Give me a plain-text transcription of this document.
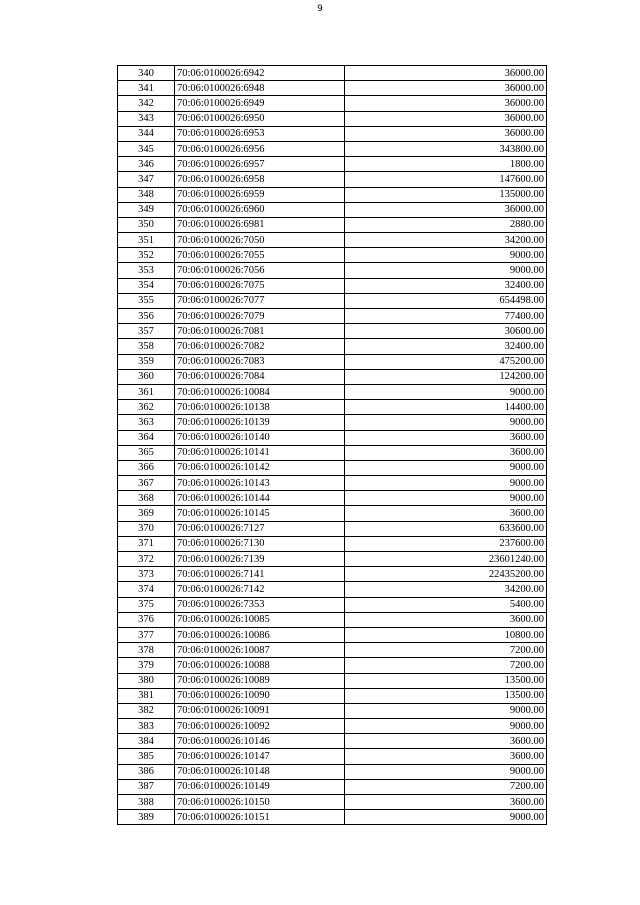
9
340	70:06:0100026:6942	36000.00
341	70:06:0100026:6948	36000.00
342	70:06:0100026:6949	36000.00
343	70:06:0100026:6950	36000.00
344	70:06:0100026:6953	36000.00
345	70:06:0100026:6956	343800.00
346	70:06:0100026:6957	1800.00
347	70:06:0100026:6958	147600.00
348	70:06:0100026:6959	135000.00
349	70:06:0100026:6960	36000.00
350	70:06:0100026:6981	2880.00
351	70:06:0100026:7050	34200.00
352	70:06:0100026:7055	9000.00
353	70:06:0100026:7056	9000.00
354	70:06:0100026:7075	32400.00
355	70:06:0100026:7077	654498.00
356	70:06:0100026:7079	77400.00
357	70:06:0100026:7081	30600.00
358	70:06:0100026:7082	32400.00
359	70:06:0100026:7083	475200.00
360	70:06:0100026:7084	124200.00
361	70:06:0100026:10084	9000.00
362	70:06:0100026:10138	14400.00
363	70:06:0100026:10139	9000.00
364	70:06:0100026:10140	3600.00
365	70:06:0100026:10141	3600.00
366	70:06:0100026:10142	9000.00
367	70:06:0100026:10143	9000.00
368	70:06:0100026:10144	9000.00
369	70:06:0100026:10145	3600.00
370	70:06:0100026:7127	633600.00
371	70:06:0100026:7130	237600.00
372	70:06:0100026:7139	23601240.00
373	70:06:0100026:7141	22435200.00
374	70:06:0100026:7142	34200.00
375	70:06:0100026:7353	5400.00
376	70:06:0100026:10085	3600.00
377	70:06:0100026:10086	10800.00
378	70:06:0100026:10087	7200.00
379	70:06:0100026:10088	7200.00
380	70:06:0100026:10089	13500.00
381	70:06:0100026:10090	13500.00
382	70:06:0100026:10091	9000.00
383	70:06:0100026:10092	9000.00
384	70:06:0100026:10146	3600.00
385	70:06:0100026:10147	3600.00
386	70:06:0100026:10148	9000.00
387	70:06:0100026:10149	7200.00
388	70:06:0100026:10150	3600.00
389	70:06:0100026:10151	9000.00
